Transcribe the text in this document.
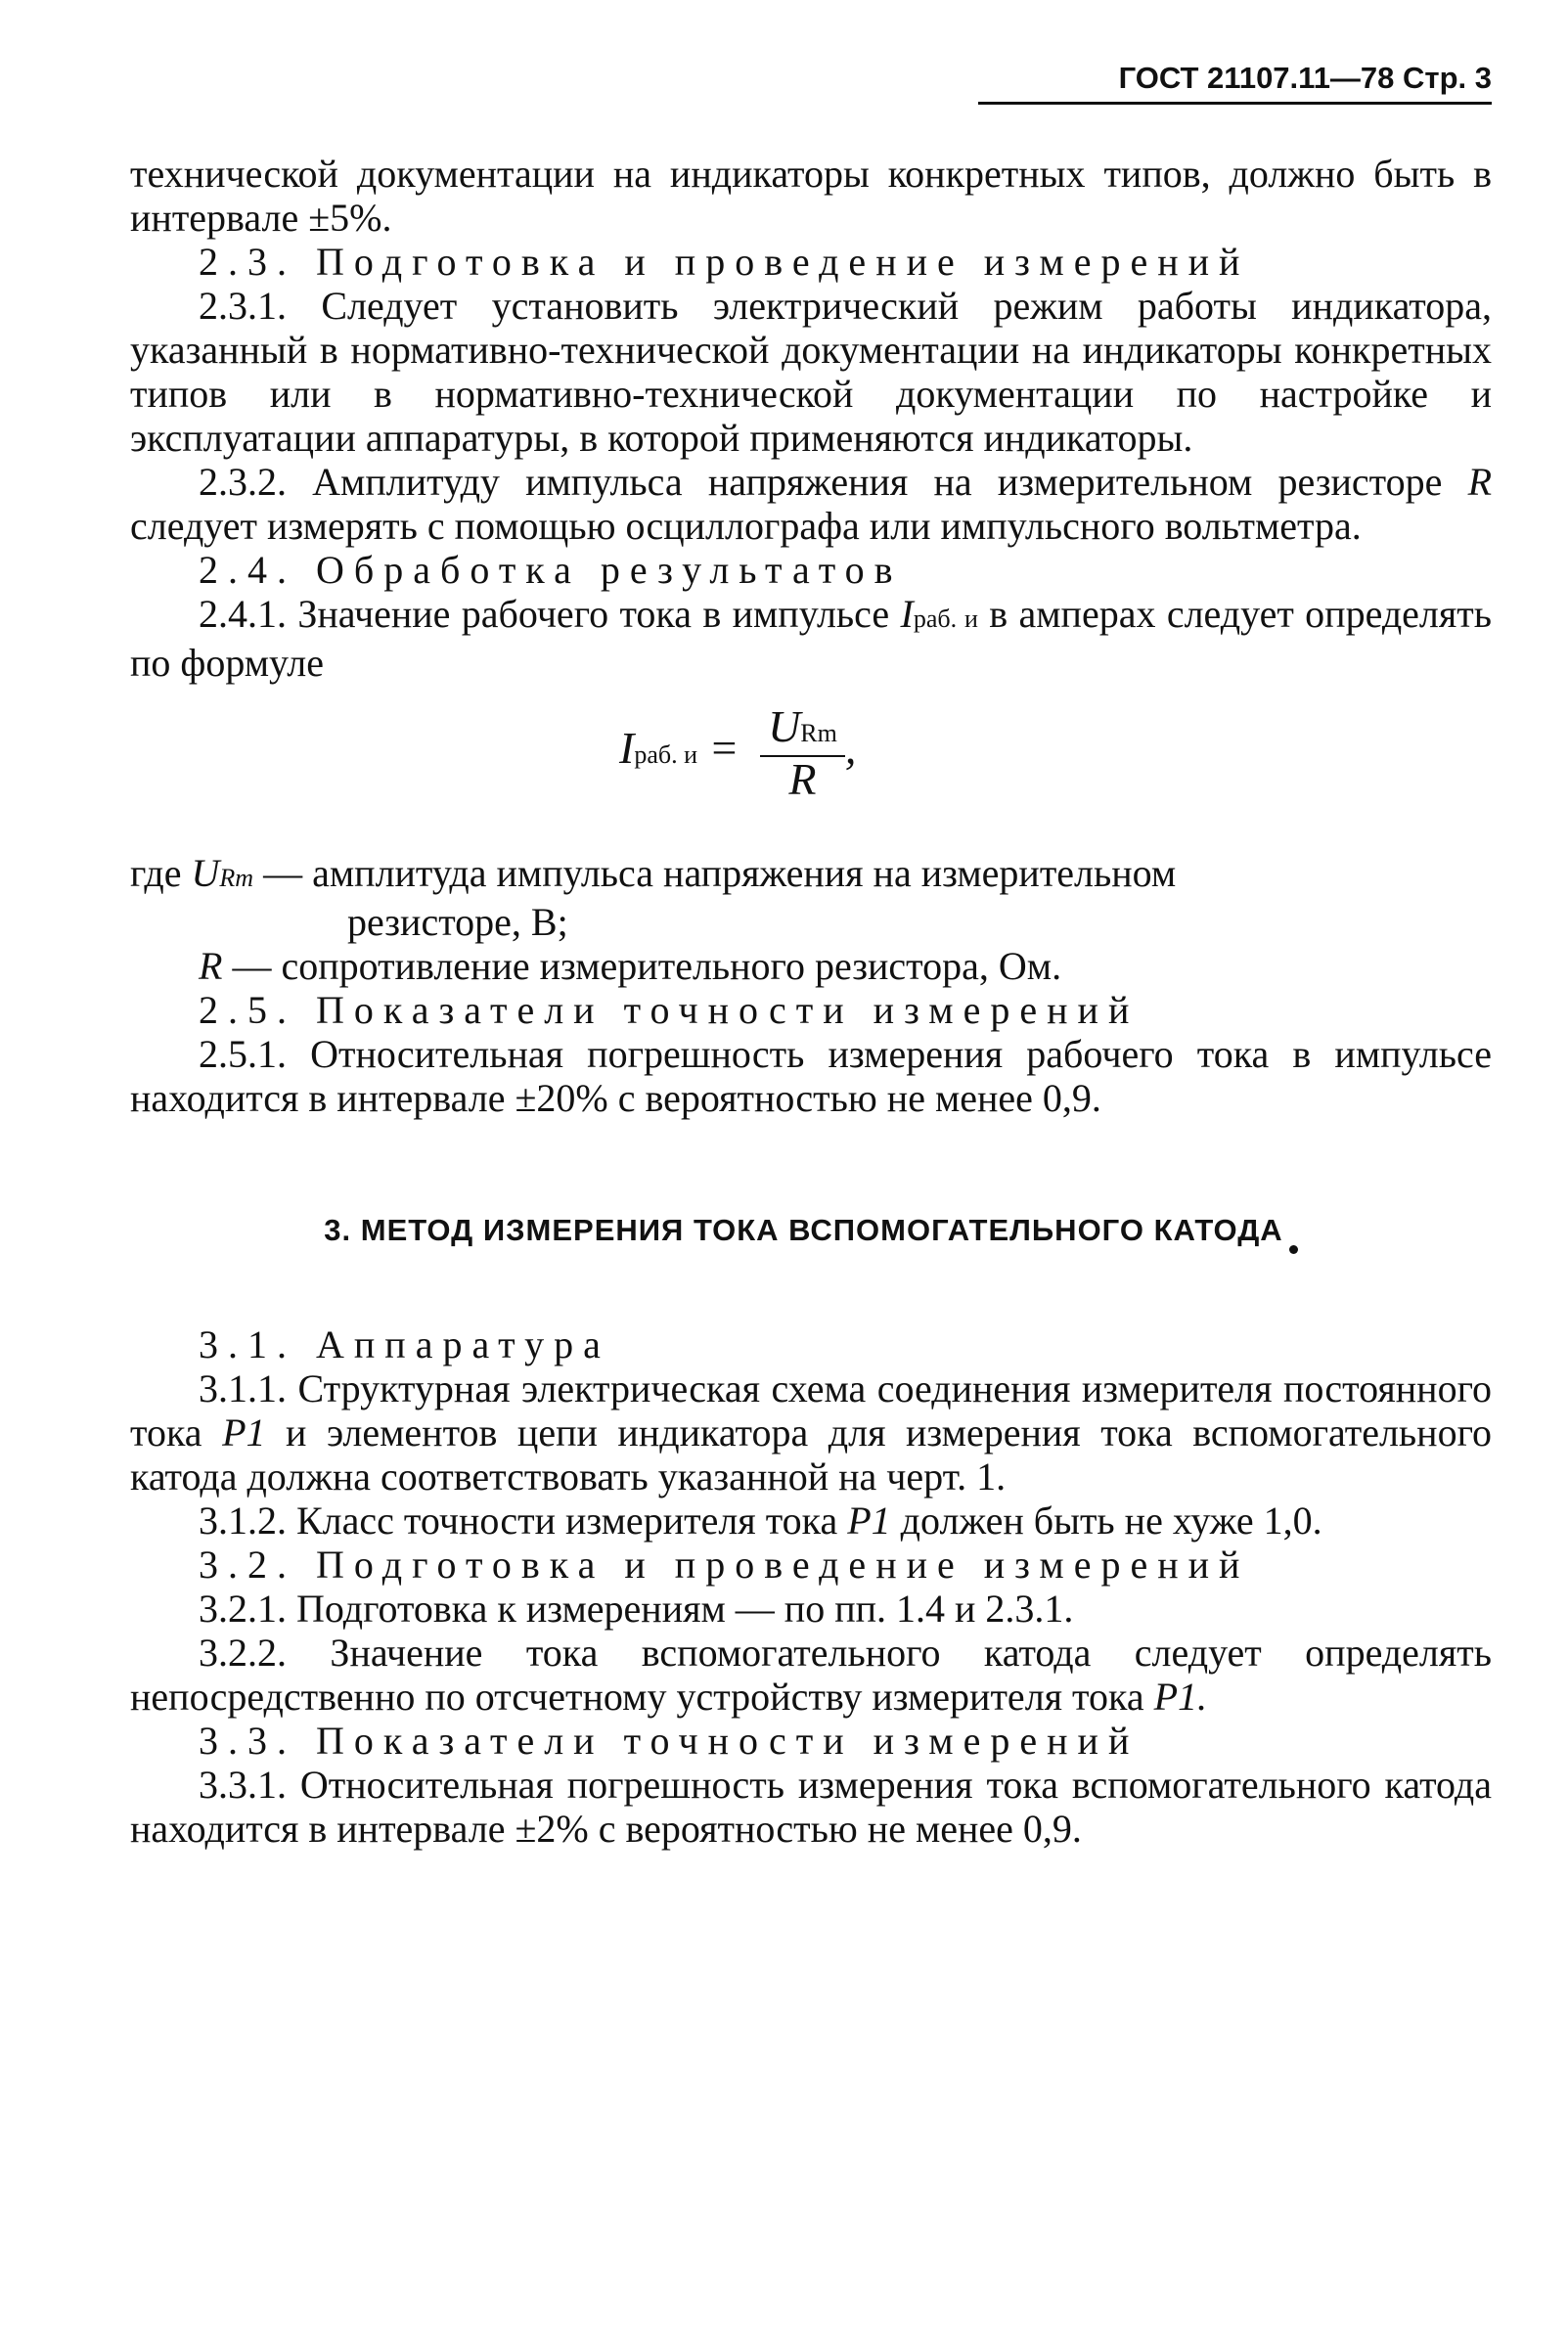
ГОСТ 21107.11—78 Стр. 3

технической документации на индикаторы конкретных типов, должно быть в интервале ±5%.

2.3. Подготовка и проведение измерений

2.3.1. Следует установить электрический режим работы индикатора, указанный в нормативно-технической документации на индикаторы конкретных типов или в нормативно-технической документации по настройке и эксплуатации аппаратуры, в которой применяются индикаторы.

2.3.2. Амплитуду импульса напряжения на измерительном резисторе R следует измерять с помощью осциллографа или импульсного вольтметра.

2.4. Обработка результатов

2.4.1. Значение рабочего тока в импульсе Iраб. и в амперах следует определять по формуле

Iраб. $и = \frac{\text{URm}}{R}$ ,

где URm — амплитуда импульса напряжения на измерительном

резисторе, В;

R — сопротивление измерительного резистора, Ом.

2.5. Показатели точности измерений

2.5.1. Относительная погрешность измерения рабочего тока в импульсе находится в интервале ±20% с вероятностью не менее 0,9.

3. МЕТОД ИЗМЕРЕНИЯ ТОКА ВСПОМОГАТЕЛЬНОГО КАТОДА

3.1. Аппаратура

3.1.1. Структурная электрическая схема соединения измерителя постоянного тока P1 и элементов цепи индикатора для измерения тока вспомогательного катода должна соответствовать указанной на черт. 1.

3.1.2. Класс точности измерителя тока P1 должен быть не хуже 1,0.

3.2. Подготовка и проведение измерений

3.2.1. Подготовка к измерениям — по пп. 1.4 и 2.3.1.

3.2.2. Значение тока вспомогательного катода следует определять непосредственно по отсчетному устройству измерителя тока P1.

3.3. Показатели точности измерений

3.3.1. Относительная погрешность измерения тока вспомогательного катода находится в интервале ±2% с вероятностью не менее 0,9.
